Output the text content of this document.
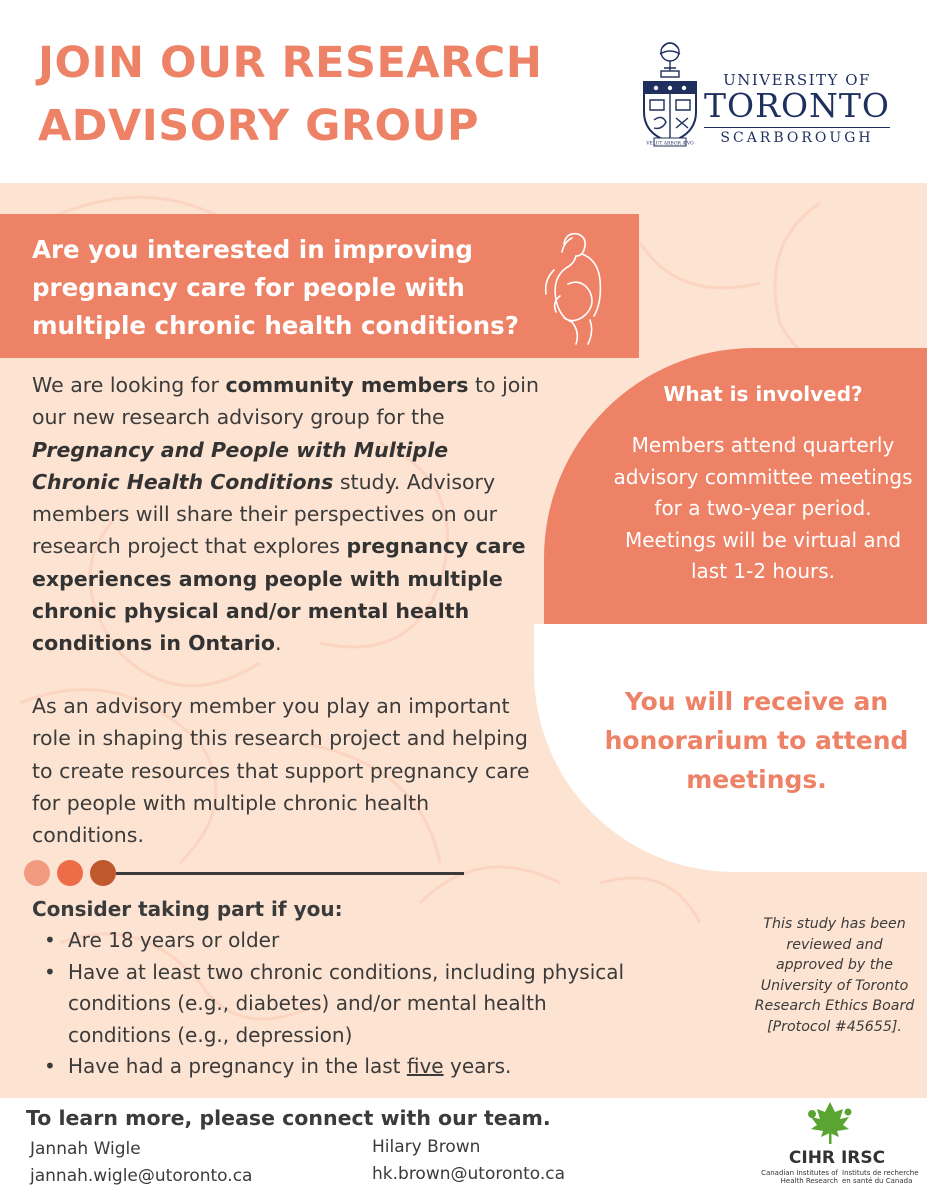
JOIN OUR RESEARCH
ADVISORY GROUP	VELUT ARBOR ÆVO
UNIVERSITY OF
TORONTO
SCARBOROUGH
Are you interested in improving
pregnancy care for people with
multiple chronic health conditions?
We are looking for community members to join our new research advisory group for the Pregnancy and People with Multiple Chronic Health Conditions study. Advisory members will share their perspectives on our research project that explores pregnancy care experiences among people with multiple chronic physical and/or mental health conditions in Ontario.
As an advisory member you play an important role in shaping this research project and helping to create resources that support pregnancy care for people with multiple chronic health conditions.
What is involved?
Members attend quarterly advisory committee meetings for a two-year period. Meetings will be virtual and last 1-2 hours.
You will receive an honorarium to attend meetings.
Consider taking part if you:
• Are 18 years or older
• Have at least two chronic conditions, including physical conditions (e.g., diabetes) and/or mental health conditions (e.g., depression)
• Have had a pregnancy in the last five years.
This study has been reviewed and approved by the University of Toronto Research Ethics Board [Protocol #45655].
To learn more, please connect with our team.
Jannah Wigle
jannah.wigle@utoronto.ca
Hilary Brown
hk.brown@utoronto.ca
CIHR IRSC
Canadian Institutes of Health Research
Instituts de recherche en santé du Canada
